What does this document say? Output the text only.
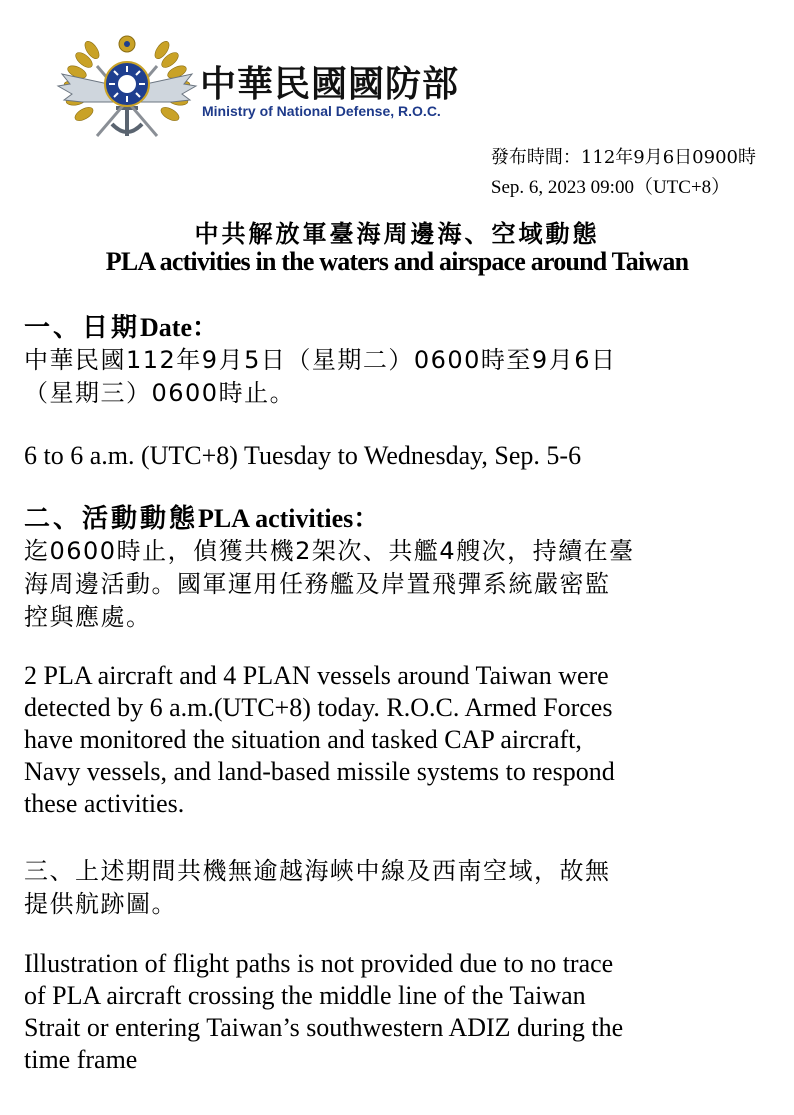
中華民國國防部
Ministry of National Defense, R.O.C.
發布時間：112年9月6日0900時
Sep. 6, 2023 09:00（UTC+8）
中共解放軍臺海周邊海、空域動態
PLA activities in the waters and airspace around Taiwan
一、日期Date：
中華民國112年9月5日（星期二）0600時至9月6日
（星期三）0600時止。
6 to 6 a.m. (UTC+8) Tuesday to Wednesday, Sep. 5-6
二、活動動態PLA activities：
迄0600時止，偵獲共機2架次、共艦4艘次，持續在臺
海周邊活動。國軍運用任務艦及岸置飛彈系統嚴密監
控與應處。
2 PLA aircraft and 4 PLAN vessels around Taiwan were
detected by 6 a.m.(UTC+8) today. R.O.C. Armed Forces
have monitored the situation and tasked CAP aircraft,
Navy vessels, and land-based missile systems to respond
these activities.
三、上述期間共機無逾越海峽中線及西南空域，故無
提供航跡圖。
Illustration of flight paths is not provided due to no trace
of PLA aircraft crossing the middle line of the Taiwan
Strait or entering Taiwan’s southwestern ADIZ during the
time frame
